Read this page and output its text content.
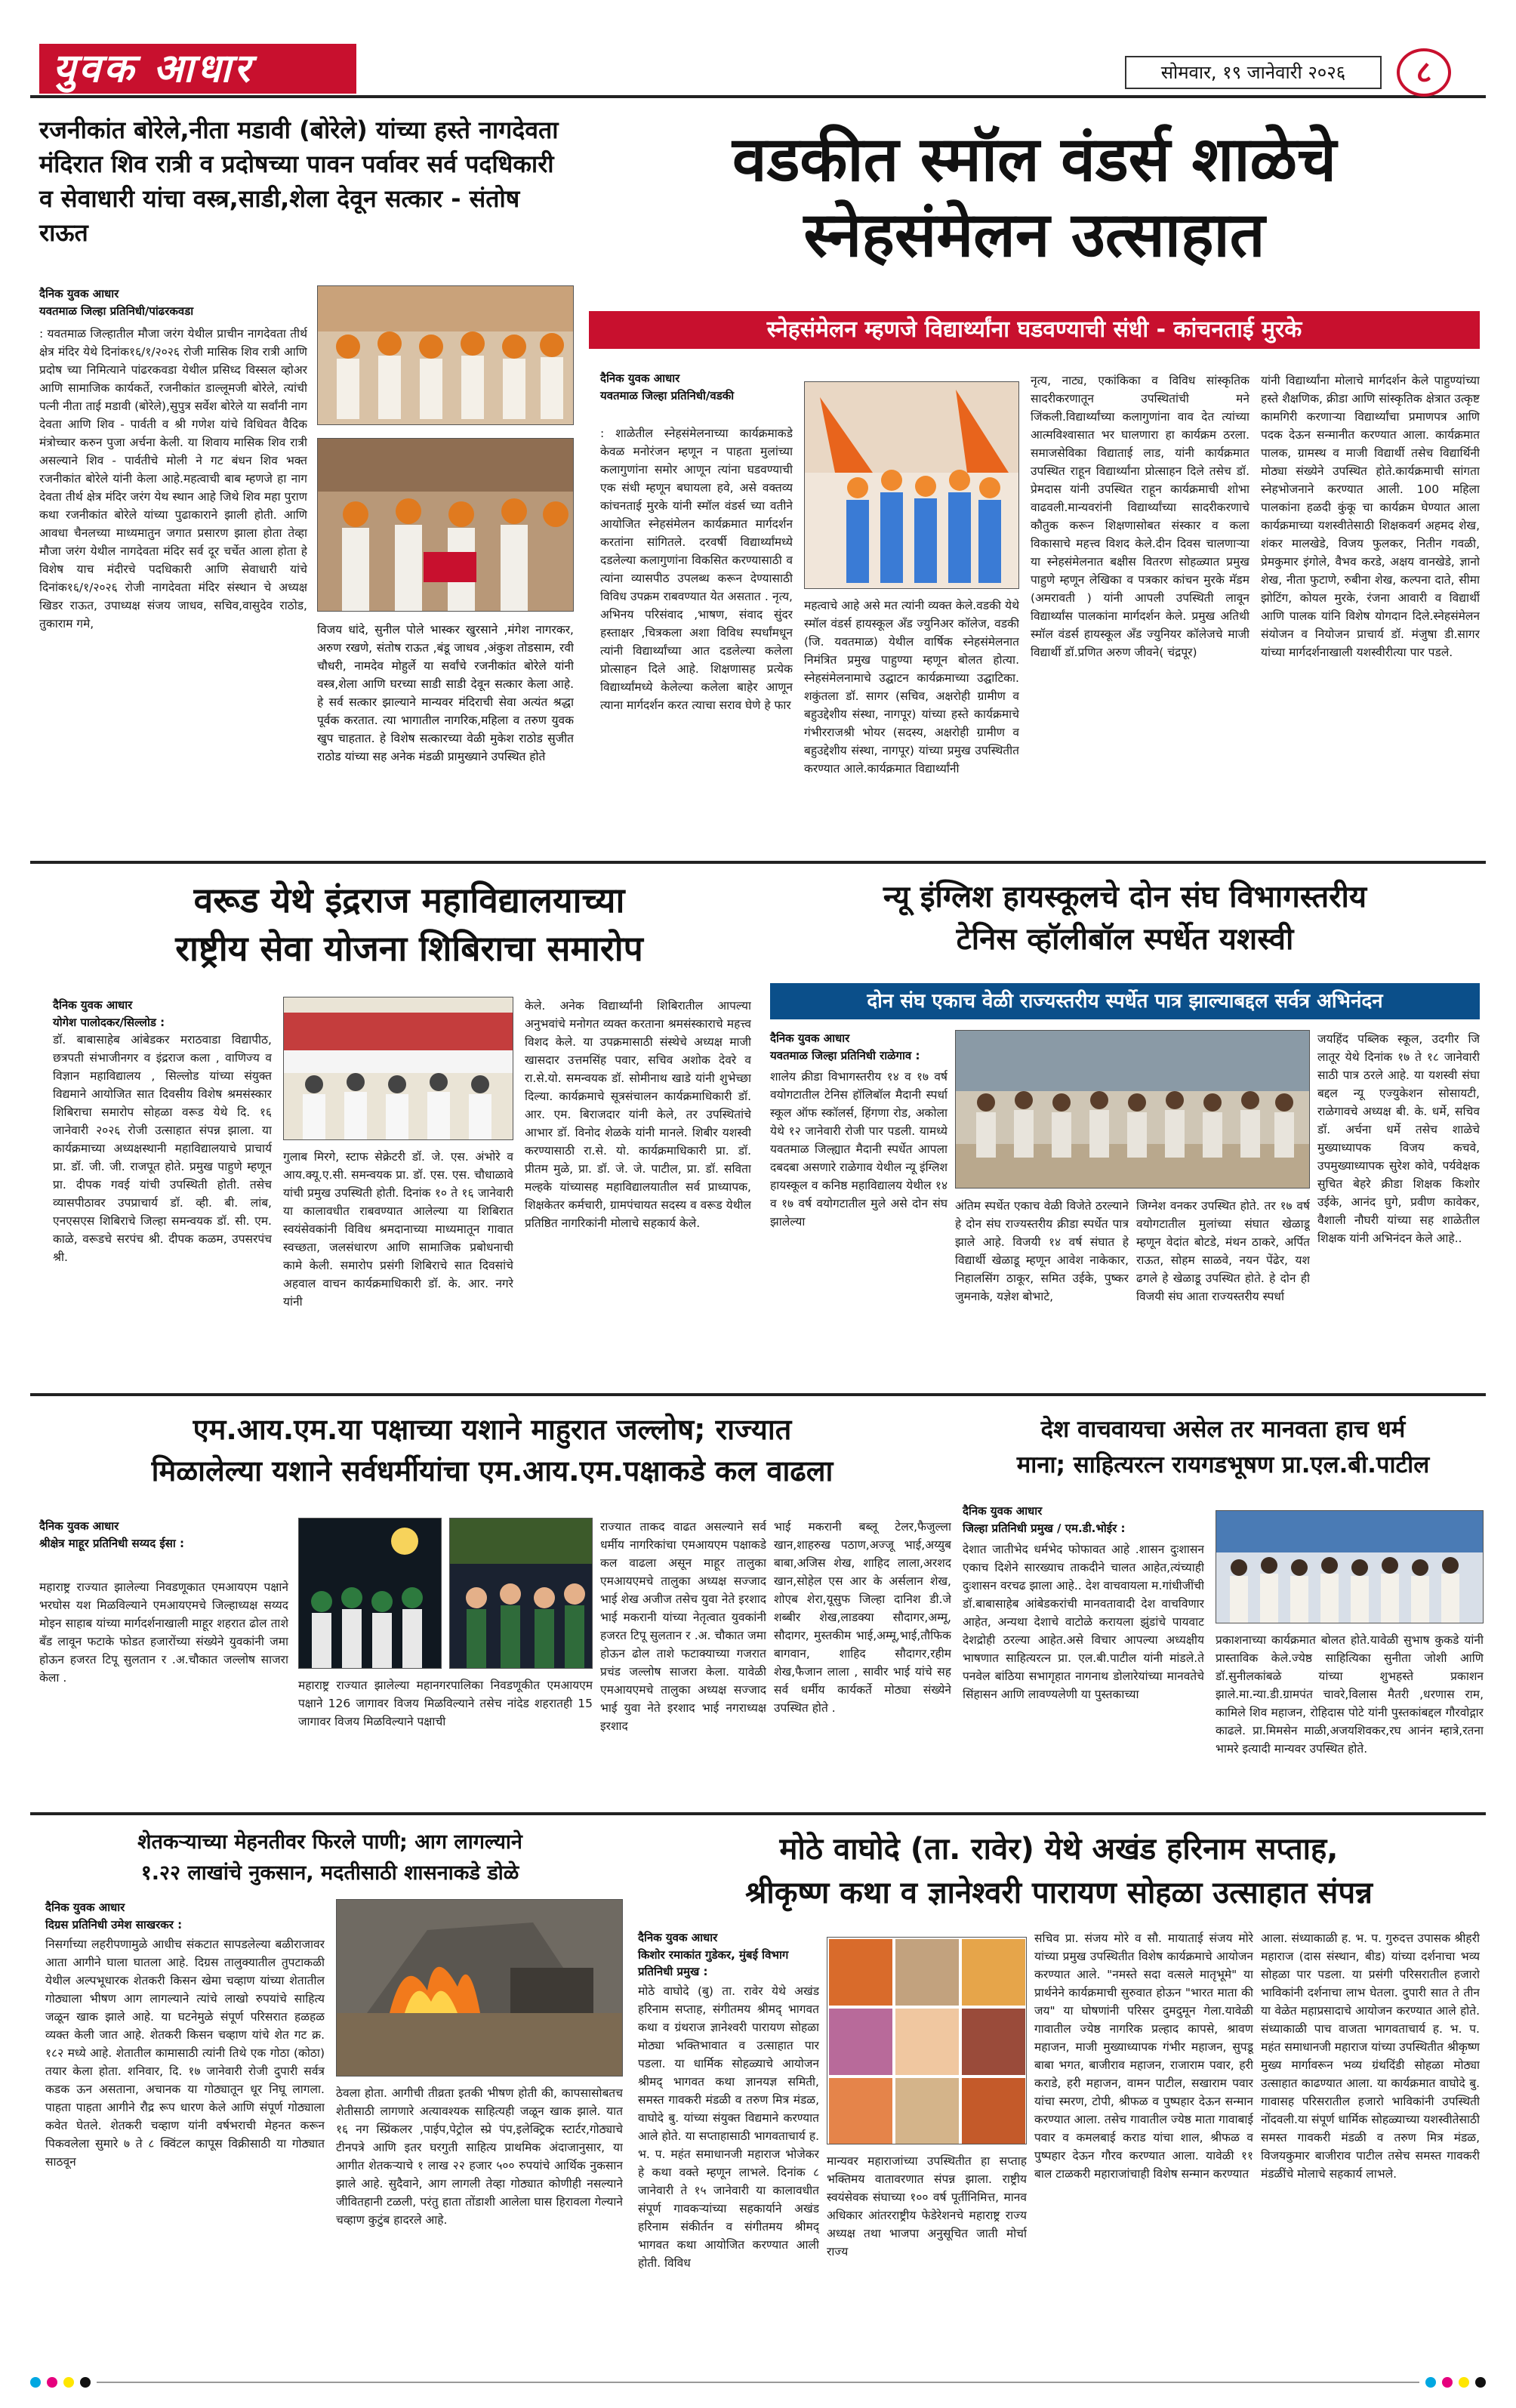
युवक आधार	सोमवार, १९ जानेवारी २०२६	८
रजनीकांत बोरेले,नीता मडावी (बोरेले) यांच्या हस्ते नागदेवता मंदिरात शिव रात्री व प्रदोषच्या पावन पर्वावर सर्व पदधिकारी व सेवाधारी यांचा वस्त्र,साडी,शेला देवून सत्कार - संतोष राऊत
दैनिक युवक आधार
यवतमाळ जिल्हा प्रतिनिधी/पांढरकवडा
: यवतमाळ जिल्हातील मौजा जरंग येथील प्राचीन नागदेवता तीर्थ क्षेत्र मंदिर येथे दिनांक१६/१/२०२६ रोजी मासिक शिव रात्री आणि प्रदोष च्या निमित्याने पांढरकवडा येथील प्रसिध्द विस्सल व्होअर आणि सामाजिक कार्यकर्ते, रजनीकांत डाल्लूमजी बोरेले, त्यांची पत्नी नीता ताई मडावी (बोरेले),सुपुत्र सर्वेश बोरेले या सर्वांनी नाग देवता आणि शिव - पार्वती व श्री गणेश यांचे विधिवत वैदिक मंत्रोच्चार करुन पुजा अर्चना केली. या शिवाय मासिक शिव रात्री असल्याने शिव - पार्वतीचे मोली ने गट बंधन शिव भक्त रजनीकांत बोरेले यांनी केला आहे.महत्वाची बाब म्हणजे हा नाग देवता तीर्थ क्षेत्र मंदिर जरंग येथ स्थान आहे जिथे शिव महा पुराण कथा रजनीकांत बोरेले यांच्या पुढाकाराने झाली होती. आणि आवधा चैनलच्या माध्यमातुन जगात प्रसारण झाला होता तेव्हा मौजा जरंग येथील नागदेवता मंदिर सर्व दूर चर्चेत आला होता हे विशेष याच मंदीरचे पदधिकारी आणि सेवाधारी यांचे दिनांक१६/१/२०२६ रोजी नागदेवता मंदिर संस्थान चे अध्यक्ष खिडर राऊत, उपाध्यक्ष संजय जाधव, सचिव,वासुदेव राठोड, तुकाराम गमे,	विजय धांदे, सुनील पोले भास्कर खुरसाने ,मंगेश नागरकर, अरुण रखणे, संतोष राऊत ,बंडू जाधव ,अंकुश तोडसाम, रवी चौधरी, नामदेव मोहुर्ले या सर्वांचे रजनीकांत बोरेले यांनी वस्त्र,शेला आणि घरच्या साडी साडी देवून सत्कार केला आहे. हे सर्व सत्कार झाल्याने मान्यवर मंदिराची सेवा अत्यंत श्रद्धा पूर्वक करतात. त्या भागातील नागरिक,महिला व तरुण युवक खुप चाहतात. हे विशेष सत्कारच्या वेळी मुकेश राठोड सुजीत राठोड यांच्या सह अनेक मंडळी प्रामुख्याने उपस्थित होते
वडकीत स्मॉल वंडर्स शाळेचे
स्नेहसंमेलन उत्साहात
स्नेहसंमेलन म्हणजे विद्यार्थ्यांना घडवण्याची संधी - कांचनताई मुरके
दैनिक युवक आधार
यवतमाळ जिल्हा प्रतिनिधी/वडकी
: शाळेतील स्नेहसंमेलनाच्या कार्यक्रमाकडे केवळ मनोरंजन म्हणून न पाहता मुलांच्या कलागुणांना समोर आणून त्यांना घडवण्याची एक संधी म्हणून बघायला हवे, असे वक्तव्य कांचनताई मुरके यांनी स्मॉल वंडर्स च्या वतीने आयोजित स्नेहसंमेलन कार्यक्रमात मार्गदर्शन करतांना सांगितले. दरवर्षी विद्यार्थ्यांमध्ये दडलेल्या कलागुणांना विकसित करण्यासाठी व त्यांना व्यासपीठ उपलब्ध करून देण्यासाठी विविध उपक्रम राबवण्यात येत असतात . नृत्य, अभिनय परिसंवाद ,भाषण, संवाद सुंदर हस्ताक्षर ,चित्रकला अशा विविध स्पर्धांमधून त्यांनी विद्यार्थ्यांच्या आत दडलेल्या कलेला प्रोत्साहन दिले आहे. शिक्षणासह प्रत्येक विद्यार्थ्यांमध्ये केलेल्या कलेला बाहेर आणून त्याना मार्गदर्शन करत त्याचा सराव घेणे हे फार
महत्वाचे आहे असे मत त्यांनी व्यक्त केले.वडकी येथे स्मॉल वंडर्स हायस्कूल अँड ज्युनिअर कॉलेज, वडकी (जि. यवतमाळ) येथील वार्षिक स्नेहसंमेलनात निमंत्रित प्रमुख पाहुण्या म्हणून बोलत होत्या. स्नेहसंमेलनामाचे उद्घाटन कार्यक्रमाच्या उद्घाटिका. शकुंतला डॉ. सागर (सचिव, अक्षरोही ग्रामीण व बहुउद्देशीय संस्था, नागपूर) यांच्या हस्ते कार्यक्रमाचे गंभीरराजश्री भोयर (सदस्य, अक्षरोही ग्रामीण व बहुउद्देशीय संस्था, नागपूर) यांच्या प्रमुख उपस्थितीत करण्यात आले.कार्यक्रमात विद्यार्थ्यांनी
नृत्य, नाट्य, एकांकिका व विविध सांस्कृतिक सादरीकरणातून उपस्थितांची मने जिंकली.विद्यार्थ्यांच्या कलागुणांना वाव देत त्यांच्या आत्मविश्वासात भर घालणारा हा कार्यक्रम ठरला. समाजसेविका विद्याताई लाड, यांनी कार्यक्रमात उपस्थित राहून विद्यार्थ्यांना प्रोत्साहन दिले तसेच डॉ. प्रेमदास यांनी उपस्थित राहून कार्यक्रमाची शोभा वाढवली.मान्यवरांनी विद्यार्थ्यांच्या सादरीकरणाचे कौतुक करून शिक्षणासोबत संस्कार व कला विकासाचे महत्त्व विशद केले.दीन दिवस चालणाऱ्या या स्नेहसंमेलनात बक्षीस वितरण सोहळ्यात प्रमुख पाहुणे म्हणून लेखिका व पत्रकार कांचन मुरके मॅडम (अमरावती ) यांनी आपली उपस्थिती लावून विद्यार्थ्यांस पालकांना मार्गदर्शन केले. प्रमुख अतिथी स्मॉल वंडर्स हायस्कूल अँड ज्युनियर कॉलेजचे माजी विद्यार्थी डॉ.प्रणित अरुण जीवने( चंद्रपूर)
यांनी विद्यार्थ्यांना मोलाचे मार्गदर्शन केले पाहुण्यांच्या हस्ते शैक्षणिक, क्रीडा आणि सांस्कृतिक क्षेत्रात उत्कृष्ट कामगिरी करणाऱ्या विद्यार्थ्यांचा प्रमाणपत्र आणि पदक देऊन सन्मानीत करण्यात आला. कार्यक्रमात पालक, ग्रामस्थ व माजी विद्यार्थी तसेच विद्यार्थिनी मोठ्या संख्येने उपस्थित होते.कार्यक्रमाची सांगता स्नेहभोजनाने करण्यात आली. 100 महिला पालकांना हळदी कुंकू चा कार्यक्रम घेण्यात आला कार्यक्रमाच्या यशस्वीतेसाठी शिक्षकवर्ग अहमद शेख, शंकर मालखेडे, विजय फुलकर, नितीन गवळी, प्रेमकुमार इंगोले, वैभव करडे, अक्षय वानखेडे, ज्ञानो शेख, नीता फुटाणे, रुबीना शेख, कल्पना दाते, सीमा झोटिंग, कोयल मुरके, रंजना आवारी व विद्यार्थी आणि पालक यांनि विशेष योगदान दिले.स्नेहसंमेलन संयोजन व नियोजन प्राचार्य डॉ. मंजुषा डी.सागर यांच्या मार्गदर्शनाखाली यशस्वीरीत्या पार पडले.
वरूड येथे इंद्रराज महाविद्यालयाच्या
राष्ट्रीय सेवा योजना शिबिराचा समारोप
दैनिक युवक आधार
योगेश पालोदकर/सिल्लोड :
डॉ. बाबासाहेब आंबेडकर मराठवाडा विद्यापीठ, छत्रपती संभाजीनगर व इंद्रराज कला , वाणिज्य व विज्ञान महाविद्यालय , सिल्लोड यांच्या संयुक्त विद्यमाने आयोजित सात दिवसीय विशेष श्रमसंस्कार शिबिराचा समारोप सोहळा वरूड येथे दि. १६ जानेवारी २०२६ रोजी उत्साहात संपन्न झाला. या कार्यक्रमाच्या अध्यक्षस्थानी महाविद्यालयाचे प्राचार्य प्रा. डॉ. जी. जी. राजपूत होते. प्रमुख पाहुणे म्हणून प्रा. दीपक गवई यांची उपस्थिती होती. तसेच व्यासपीठावर उपप्राचार्य डॉ. व्ही. बी. लांब, एनएसएस शिबिराचे जिल्हा समन्वयक डॉ. सी. एम. काळे, वरूडचे सरपंच श्री. दीपक कळम, उपसरपंच श्री.
गुलाब मिरगे, स्टाफ सेक्रेटरी डॉ. जे. एस. अंभोरे व आय.क्यू.ए.सी. समन्वयक प्रा. डॉ. एस. एस. चौधाळावे यांची प्रमुख उपस्थिती होती. दिनांक १० ते १६ जानेवारी या कालावधीत राबवण्यात आलेल्या या शिबिरात स्वयंसेवकांनी विविध श्रमदानाच्या माध्यमातून गावात स्वच्छता, जलसंधारण आणि सामाजिक प्रबोधनाची कामे केली. समारोप प्रसंगी शिबिराचे सात दिवसांचे अहवाल वाचन कार्यक्रमाधिकारी डॉ. के. आर. नगरे यांनी
केले. अनेक विद्यार्थ्यांनी शिबिरातील आपल्या अनुभवांचे मनोगत व्यक्त करताना श्रमसंस्काराचे महत्त्व विशद केले. या उपक्रमासाठी संस्थेचे अध्यक्ष माजी खासदार उत्तमसिंह पवार, सचिव अशोक देवरे व रा.से.यो. समन्वयक डॉ. सोमीनाथ खाडे यांनी शुभेच्छा दिल्या. कार्यक्रमाचे सूत्रसंचालन कार्यक्रमाधिकारी डॉ. आर. एम. बिराजदार यांनी केले, तर उपस्थितांचे आभार डॉ. विनोद शेळके यांनी मानले. शिबीर यशस्वी करण्यासाठी रा.से. यो. कार्यक्रमाधिकारी प्रा. डॉ. प्रीतम मुळे, प्रा. डॉ. जे. जे. पाटील, प्रा. डॉ. सविता मल्हके यांच्यासह महाविद्यालयातील सर्व प्राध्यापक, शिक्षकेतर कर्मचारी, ग्रामपंचायत सदस्य व वरूड येथील प्रतिष्ठित नागरिकांनी मोलाचे सहकार्य केले.
न्यू इंग्लिश हायस्कूलचे दोन संघ विभागस्तरीय
टेनिस व्हॉलीबॉल स्पर्धेत यशस्वी
दोन संघ एकाच वेळी राज्यस्तरीय स्पर्धेत पात्र झाल्याबद्दल सर्वत्र अभिनंदन
दैनिक युवक आधार
यवतमाळ जिल्हा प्रतिनिधी राळेगाव :
शालेय क्रीडा विभागस्तरीय १४ व १७ वर्ष वयोगटातील टेनिस हॉलिबॉल मैदानी स्पर्धा स्कूल ऑफ स्कॉलर्स, हिंगणा रोड, अकोला येथे १२ जानेवारी रोजी पार पडली. यामध्ये यवतमाळ जिल्ह्यात मैदानी स्पर्धेत आपला दबदबा असणारे राळेगाव येथील न्यू इंग्लिश हायस्कूल व कनिष्ठ महाविद्यालय येथील १४ व १७ वर्ष वयोगटातील मुले असे दोन संघ झालेल्या
अंतिम स्पर्धेत एकाच वेळी विजेते ठरल्याने हे दोन संघ राज्यस्तरीय क्रीडा स्पर्धेत पात्र झाले आहे. विजयी १४ वर्ष संघात हे विद्यार्थी खेळाडू म्हणून आवेश नाकेकार, निहालसिंग ठाकूर, समित उईके, पुष्कर जुमनाके, यज्ञेश बोभाटे,
जिग्नेश वनकर उपस्थित होते. तर १७ वर्ष वयोगटातील मुलांच्या संघात खेळाडू म्हणून वेदांत बोटडे, मंथन ठाकरे, अर्पित राऊत, सोहम साळवे, नयन पेंढेर, यश ढगले हे खेळाडू उपस्थित होते. हे दोन ही विजयी संघ आता राज्यस्तरीय स्पर्धा
जयहिंद पब्लिक स्कूल, उदगीर जि लातूर येथे दिनांक १७ ते १८ जानेवारी साठी पात्र ठरले आहे. या यशस्वी संघा बद्दल न्यू एज्युकेशन सोसायटी, राळेगावचे अध्यक्ष बी. के. धर्मे, सचिव डॉ. अर्चना धर्मे तसेच शाळेचे मुख्याध्यापक विजय कचवे, उपमुख्याध्यापक सुरेश कोवे, पर्यवेक्षक सुचित बेहरे क्रीडा शिक्षक किशोर उईके, आनंद घुगे, प्रवीण कावेकर, वैशाली नौघरी यांच्या सह शाळेतील शिक्षक यांनी अभिनंदन केले आहे..
एम.आय.एम.या पक्षाच्या यशाने माहुरात जल्लोष; राज्यात
मिळालेल्या यशाने सर्वधर्मीयांचा एम.आय.एम.पक्षाकडे कल वाढला
दैनिक युवक आधार
श्रीक्षेत्र माहूर प्रतिनिधी सय्यद ईसा :
महाराष्ट्र राज्यात झालेल्या निवडणूकात एमआयएम पक्षाने भरघोस यश मिळविल्याने एमआयएमचे जिल्हाध्यक्ष सय्यद मोइन साहाब यांच्या मार्गदर्शनाखाली माहूर शहरात ढोल ताशे बँड लावून फटाके फोडत हजारोंच्या संख्येने युवकांनी जमा होऊन हजरत टिपू सुलतान र .अ.चौकात जल्लोष साजरा केला .
महाराष्ट्र राज्यात झालेल्या महानगरपालिका निवडणूकीत एमआयएम पक्षाने 126 जागावर विजय मिळविल्याने तसेच नांदेड शहरातही 15 जागावर विजय मिळविल्याने पक्षाची
राज्यात ताकद वाढत असल्याने सर्व धर्मीय नागरिकांचा एमआयएम पक्षाकडे कल वाढला असून माहूर तालुका एमआयएमचे तालुका अध्यक्ष सज्जाद भाई शेख अजीज तसेच युवा नेते इरशाद भाई मकरानी यांच्या नेतृत्वात युवकांनी हजरत टिपू सुलतान र .अ. चौकात जमा होऊन ढोल ताशे फटाक्याच्या गजरात प्रचंड जल्लोष साजरा केला. यावेळी एमआयएमचे तालुका अध्यक्ष सज्जाद भाई युवा नेते इरशाद भाई नगराध्यक्ष इरशाद
भाई मकरानी बब्लू टेलर,फैजुल्ला खान,शाहरुख पठाण,अज्जू भाई,अय्युब बाबा,अजिस शेख, शाहिद लाला,अरशद खान,सोहेल एस आर के अर्सलान शेख, शोएब शेरा,यूसुफ जिल्हा दानिश डी.जे शब्बीर शेख,लाडक्या सौदागर,अम्मू, सौदागर, मुस्तकीम भाई,अम्मू,भाई,तौफिक बागवान, शाहिद सौदागर,रहीम शेख,फैजान लाला , सावीर भाई यांचे सह सर्व धर्मीय कार्यकर्ते मोठ्या संख्येने उपस्थित होते .
देश वाचवायचा असेल तर मानवता हाच धर्म
माना; साहित्यरत्न रायगडभूषण प्रा.एल.बी.पाटील
दैनिक युवक आधार
जिल्हा प्रतिनिधी प्रमुख / एम.डी.भोईर :
देशात जातीभेद धर्मभेद फोफावत आहे .शासन दुःशासन एकाच दिशेने सारख्याच ताकदीने चालत आहेत,त्यंच्याही दुःशासन वरचढ झाला आहे.. देश वाचवायला म.गांधीजींची डॉ.बाबासाहेब आंबेडकरांची मानवतावादी देश वाचविणार आहेत, अन्यथा देशाचे वाटोळे करायला झुंडांचे पायवाट देशद्रोही ठरल्या आहेत.असे विचार आपल्या अध्यक्षीय भाषणात साहित्यरत्न प्रा. एल.बी.पाटील यांनी मांडले.ते पनवेल बांठिया सभागृहात नागनाथ डोलारेयांच्या मानवतेचे सिंहासन आणि लावण्यलेणी या पुस्तकाच्या
प्रकाशनाच्या कार्यक्रमात बोलत होते.यावेळी सुभाष कुकडे यांनी प्रास्ताविक केले.ज्येष्ठ साहित्यिका सुनीता जोशी आणि डॉ.सुनीलकांबळे यांच्या शुभहस्ते प्रकाशन झाले.मा.न्या.डी.ग्रामपंत चावरे,विलास मैतरी ,धरणास राम, कामिले शिव महाजन, रोहिदास पोटे यांनी पुस्तकांबद्दल गौरवोद्गार काढले. प्रा.मिमसेन माळी,अजयशिवकर,रघ आनंन म्हात्रे,रतना भामरे इत्यादी मान्यवर उपस्थित होते.
शेतकऱ्याच्या मेहनतीवर फिरले पाणी; आग लागल्याने
१.२२ लाखांचे नुकसान, मदतीसाठी शासनाकडे डोळे
दैनिक युवक आधार
दिग्रस प्रतिनिधी उमेश साखरकर :
निसर्गाच्या लहरीपणामुळे आधीच संकटात सापडलेल्या बळीराजावर आता आगीने घाला घातला आहे. दिग्रस तालुक्यातील तुपटाकळी येथील अल्पभूधारक शेतकरी किसन खेमा चव्हाण यांच्या शेतातील गोठ्याला भीषण आग लागल्याने त्यांचे लाखो रुपयांचे साहित्य जळून खाक झाले आहे. या घटनेमुळे संपूर्ण परिसरात हळहळ व्यक्त केली जात आहे. शेतकरी किसन चव्हाण यांचे शेत गट क्र. १८२ मध्ये आहे. शेतातील कामासाठी त्यांनी तिथे एक गोठा (कोठा) तयार केला होता. शनिवार, दि. १७ जानेवारी रोजी दुपारी सर्वत्र कडक ऊन असताना, अचानक या गोठ्यातून धूर निघू लागला. पाहता पाहता आगीने रौद्र रूप धारण केले आणि संपूर्ण गोठ्याला कवेत घेतले. शेतकरी चव्हाण यांनी वर्षभराची मेहनत करून पिकवलेला सुमारे ७ ते ८ क्विंटल कापूस विक्रीसाठी या गोठ्यात साठवून
ठेवला होता. आगीची तीव्रता इतकी भीषण होती की, कापसासोबतच शेतीसाठी लागणारे अत्यावश्यक साहित्यही जळून खाक झाले. यात १६ नग स्प्रिंकलर ,पाईप,पेट्रोल स्प्रे पंप,इलेक्ट्रिक स्टार्टर,गोठ्याचे टीनपत्रे आणि इतर घरगुती साहित्य प्राथमिक अंदाजानुसार, या आगीत शेतकऱ्याचे १ लाख २२ हजार ५०० रुपयांचे आर्थिक नुकसान झाले आहे. सुदैवाने, आग लागली तेव्हा गोठ्यात कोणीही नसल्याने जीवितहानी टळली, परंतु हाता तोंडाशी आलेला घास हिरावला गेल्याने चव्हाण कुटुंब हादरले आहे.
मोठे वाघोदे (ता. रावेर) येथे अखंड हरिनाम सप्ताह,
श्रीकृष्ण कथा व ज्ञानेश्वरी पारायण सोहळा उत्साहात संपन्न
दैनिक युवक आधार
किशोर रमाकांत गुडेकर, मुंबई विभाग प्रतिनिधी प्रमुख :
मोठे वाघोदे (बु) ता. रावेर येथे अखंड हरिनाम सप्ताह, संगीतमय श्रीमद् भागवत कथा व ग्रंथराज ज्ञानेश्वरी पारायण सोहळा मोठ्या भक्तिभावात व उत्साहात पार पडला. या धार्मिक सोहळ्याचे आयोजन श्रीमद् भागवत कथा ज्ञानयज्ञ समिती, समस्त गावकरी मंडळी व तरुण मित्र मंडळ, वाघोदे बु. यांच्या संयुक्त विद्यमाने करण्यात आले होते. या सप्ताहासाठी भागवताचार्य ह. भ. प. महंत समाधानजी महाराज भोजेकर हे कथा वक्ते म्हणून लाभले. दिनांक ८ जानेवारी ते १५ जानेवारी या कालावधीत संपूर्ण गावकऱ्यांच्या सहकार्याने अखंड हरिनाम संकीर्तन व संगीतमय श्रीमद् भागवत कथा आयोजित करण्यात आली होती. विविध
मान्यवर महाराजांच्या उपस्थितीत हा सप्ताह भक्तिमय वातावरणात संपन्न झाला. राष्ट्रीय स्वयंसेवक संघाच्या १०० वर्ष पूर्तीनिमित्त, मानव अधिकार आंतरराष्ट्रीय फेडेरेशनचे महाराष्ट्र राज्य अध्यक्ष तथा भाजपा अनुसूचित जाती मोर्चा राज्य
सचिव प्रा. संजय मोरे व सौ. मायाताई संजय मोरे यांच्या प्रमुख उपस्थितीत विशेष कार्यक्रमाचे आयोजन करण्यात आले. "नमस्ते सदा वत्सले मातृभूमे" या प्रार्थनेने कार्यक्रमाची सुरुवात होऊन "भारत माता की जय" या घोषणांनी परिसर दुमदुमून गेला.यावेळी गावातील ज्येष्ठ नागरिक प्रल्हाद कापसे, श्रावण महाजन, माजी मुख्याध्यापक गंभीर महाजन, सुपडू बाबा भगत, बाजीराव महाजन, राजाराम पवार, हरी कराडे, हरी महाजन, वामन पाटील, सखाराम पवार यांचा स्मरण, टोपी, श्रीफळ व पुष्पहार देऊन सन्मान करण्यात आला. तसेच गावातील ज्येष्ठ माता गावाबाई पवार व कमलबाई कराड यांचा शाल, श्रीफळ व पुष्पहार देऊन गौरव करण्यात आला. यावेळी ११ बाल टाळकरी महाराजांचाही विशेष सन्मान करण्यात
आला. संध्याकाळी ह. भ. प. गुरुदत्त उपासक श्रीहरी महाराज (दास संस्थान, बीड) यांच्या दर्शनाचा भव्य सोहळा पार पडला. या प्रसंगी परिसरातील हजारो भाविकांनी दर्शनाचा लाभ घेतला. दुपारी सात ते तीन या वेळेत महाप्रसादाचे आयोजन करण्यात आले होते. संध्याकाळी पाच वाजता भागवताचार्य ह. भ. प. महंत समाधानजी महाराज यांच्या उपस्थितीत श्रीकृष्ण मुख्य मार्गावरून भव्य ग्रंथदिंडी सोहळा मोठ्या उत्साहात काढण्यात आला. या कार्यक्रमात वाघोदे बु. गावासह परिसरातील हजारो भाविकांनी उपस्थिती नोंदवली.या संपूर्ण धार्मिक सोहळ्याच्या यशस्वीतेसाठी समस्त गावकरी मंडळी व तरुण मित्र मंडळ, विजयकुमार बाजीराव पाटील तसेच समस्त गावकरी मंडळींचे मोलाचे सहकार्य लाभले.
